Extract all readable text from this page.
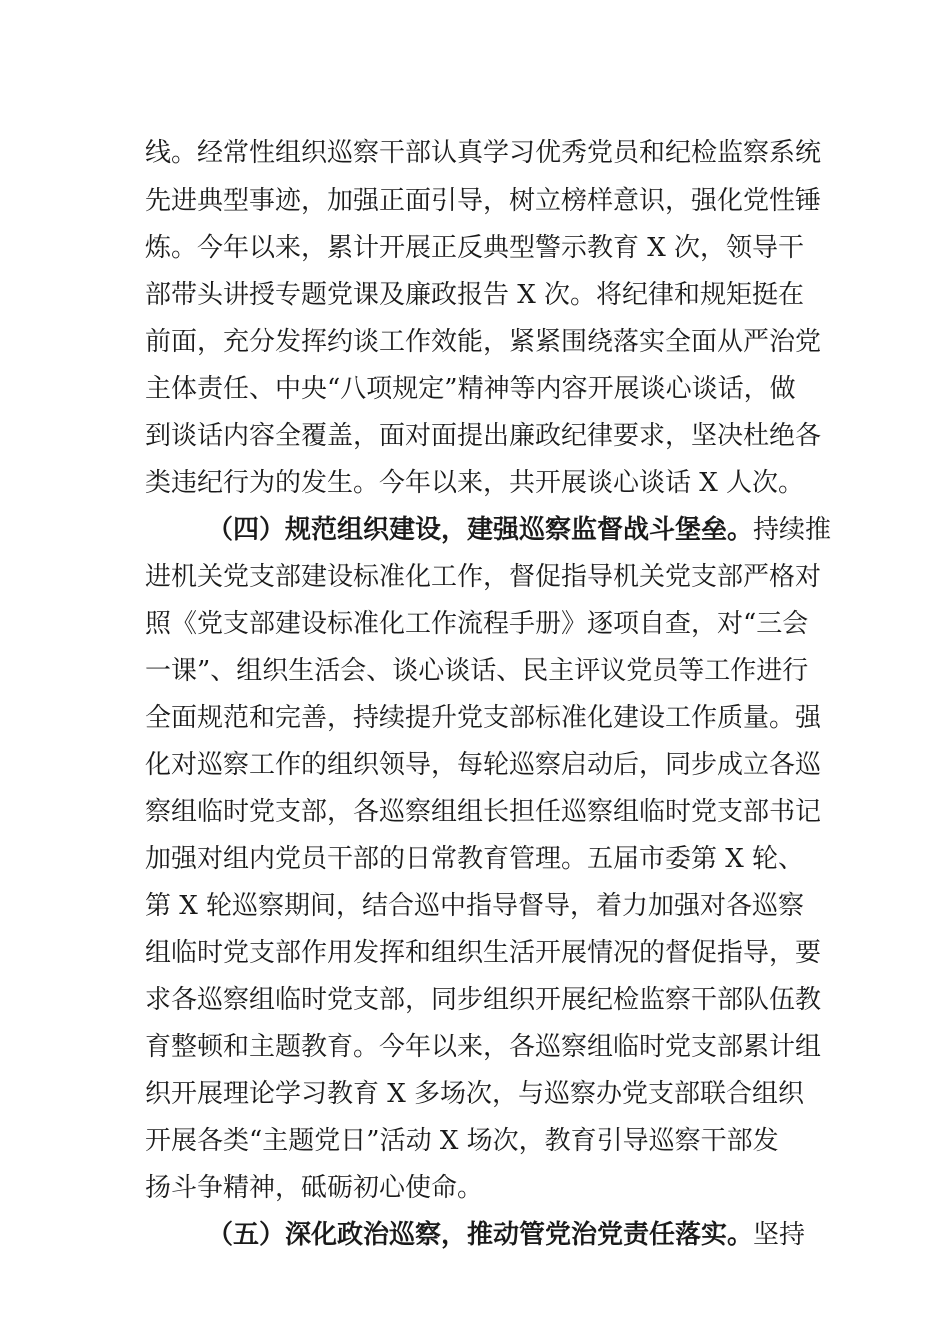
线。经常性组织巡察干部认真学习优秀党员和纪检监察系统
先进典型事迹，加强正面引导，树立榜样意识，强化党性锤
炼。今年以来，累计开展正反典型警示教育 X 次，领导干
部带头讲授专题党课及廉政报告 X 次。将纪律和规矩挺在
前面，充分发挥约谈工作效能，紧紧围绕落实全面从严治党
主体责任、中央“八项规定”精神等内容开展谈心谈话，做
到谈话内容全覆盖，面对面提出廉政纪律要求，坚决杜绝各
类违纪行为的发生。今年以来，共开展谈心谈话 X 人次。
（四）规范组织建设，建强巡察监督战斗堡垒。持续推
进机关党支部建设标准化工作，督促指导机关党支部严格对
照《党支部建设标准化工作流程手册》逐项自查，对“三会
一课”、组织生活会、谈心谈话、民主评议党员等工作进行
全面规范和完善，持续提升党支部标准化建设工作质量。强
化对巡察工作的组织领导，每轮巡察启动后，同步成立各巡
察组临时党支部，各巡察组组长担任巡察组临时党支部书记
加强对组内党员干部的日常教育管理。五届市委第 X 轮、
第 X 轮巡察期间，结合巡中指导督导，着力加强对各巡察
组临时党支部作用发挥和组织生活开展情况的督促指导，要
求各巡察组临时党支部，同步组织开展纪检监察干部队伍教
育整顿和主题教育。今年以来，各巡察组临时党支部累计组
织开展理论学习教育 X 多场次，与巡察办党支部联合组织
开展各类“主题党日”活动 X 场次，教育引导巡察干部发
扬斗争精神，砥砺初心使命。
（五）深化政治巡察，推动管党治党责任落实。坚持
